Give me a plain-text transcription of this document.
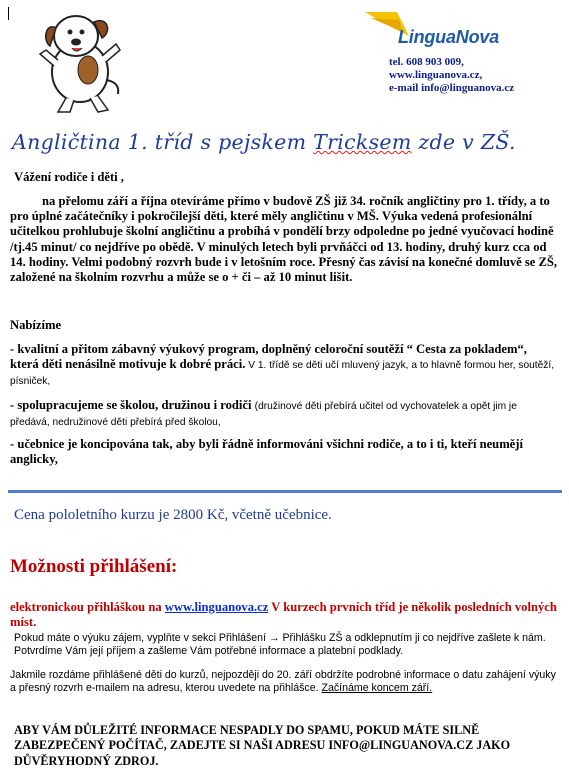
LinguaNova
tel. 608 903 009,
www.linguanova.cz,
e-mail info@linguanova.cz
Angličtina 1. tříd s pejskem Tricksem zde v ZŠ.
Vážení rodiče i děti ,
na přelomu září a října otevíráme přímo v budově ZŠ již 34. ročník angličtiny pro 1. třídy, a to pro úplné začátečníky i pokročilejší děti, které měly angličtinu v MŠ. Výuka vedená profesionální učitelkou prohlubuje školní angličtinu a probíhá v pondělí brzy odpoledne po jedné vyučovací hodině /tj.45 minut/ co nejdříve po obědě. V minulých letech byli prvňáčci od 13. hodiny, druhý kurz cca od 14. hodiny. Velmi podobný rozvrh bude i v letošním roce. Přesný čas závisí na konečné domluvě se ZŠ, založené na školním rozvrhu a může se o + či – až 10 minut lišit.
Nabízíme
- kvalitní a přitom zábavný výukový program, doplněný celoroční soutěží “ Cesta za pokladem“, která děti nenásilně motivuje k dobré práci. V 1. třídě se děti učí mluvený jazyk, a to hlavně formou her, soutěží, písniček,
- spolupracujeme se školou, družinou i rodiči (družinové děti přebírá učitel od vychovatelek a opět jim je předává, nedružinové děti přebírá před školou,
- učebnice je koncipována tak, aby byli řádně informováni všichni rodiče, a to i ti, kteří neumějí anglicky,
Cena pololetního kurzu je 2800 Kč, včetně učebnice.
Možnosti přihlášení:
elektronickou přihláškou na www.linguanova.cz V kurzech prvních tříd je několik posledních volných míst.
Pokud máte o výuku zájem, vyplňte v sekci Přihlášení → Přihlášku ZŠ a odklepnutím ji co nejdříve zašlete k nám. Potvrdíme Vám její příjem a zašleme Vám potřebné informace a platební podklady.
Jakmile rozdáme přihlášené děti do kurzů, nejpozději do 20. září obdržíte podrobné informace o datu zahájení výuky a přesný rozvrh e-mailem na adresu, kterou uvedete na přihlášce. Začínáme koncem září.
ABY VÁM DŮLEŽITÉ INFORMACE NESPADLY DO SPAMU, POKUD MÁTE SILNĚ ZABEZPEČENÝ POČÍTAČ, ZADEJTE SI NAŠI ADRESU INFO@LINGUANOVA.CZ JAKO DŮVĚRYHODNÝ ZDROJ.
